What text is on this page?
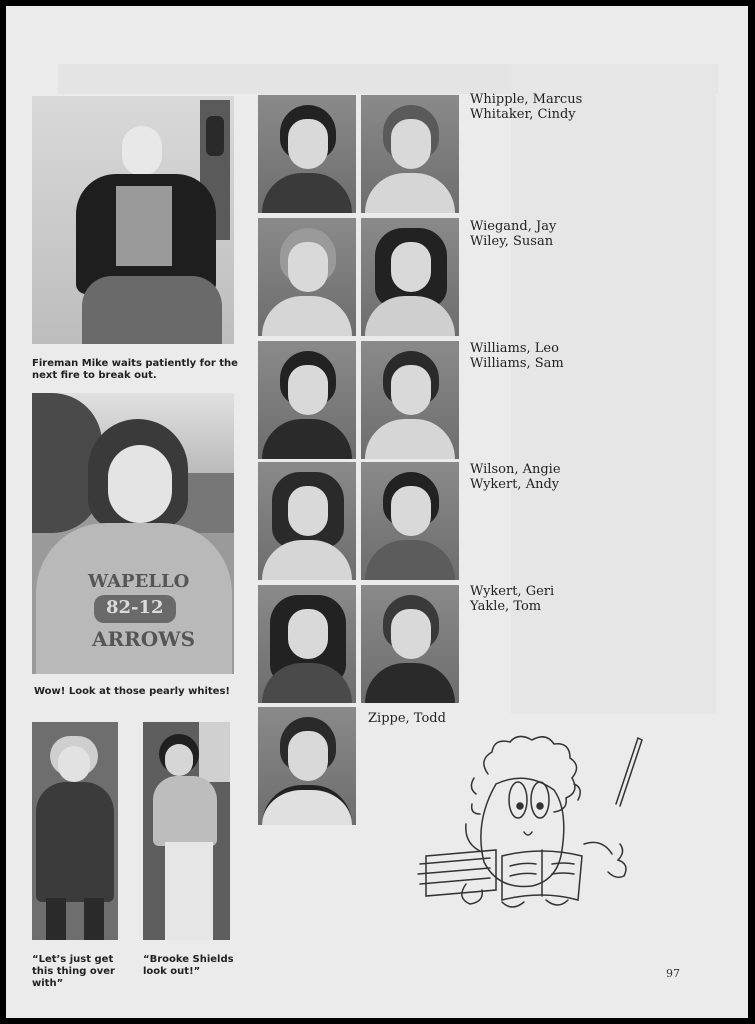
Fireman Mike waits patiently for the next fire to break out.
WAPELLO
82-12
ARROWS
Wow! Look at those pearly whites!
“Let’s just get this thing over with”
“Brooke Shields look out!”
Whipple, Marcus
Whitaker, Cindy
Wiegand, Jay
Wiley, Susan
Williams, Leo
Williams, Sam
Wilson, Angie
Wykert, Andy
Wykert, Geri
Yakle, Tom
Zippe, Todd
97
